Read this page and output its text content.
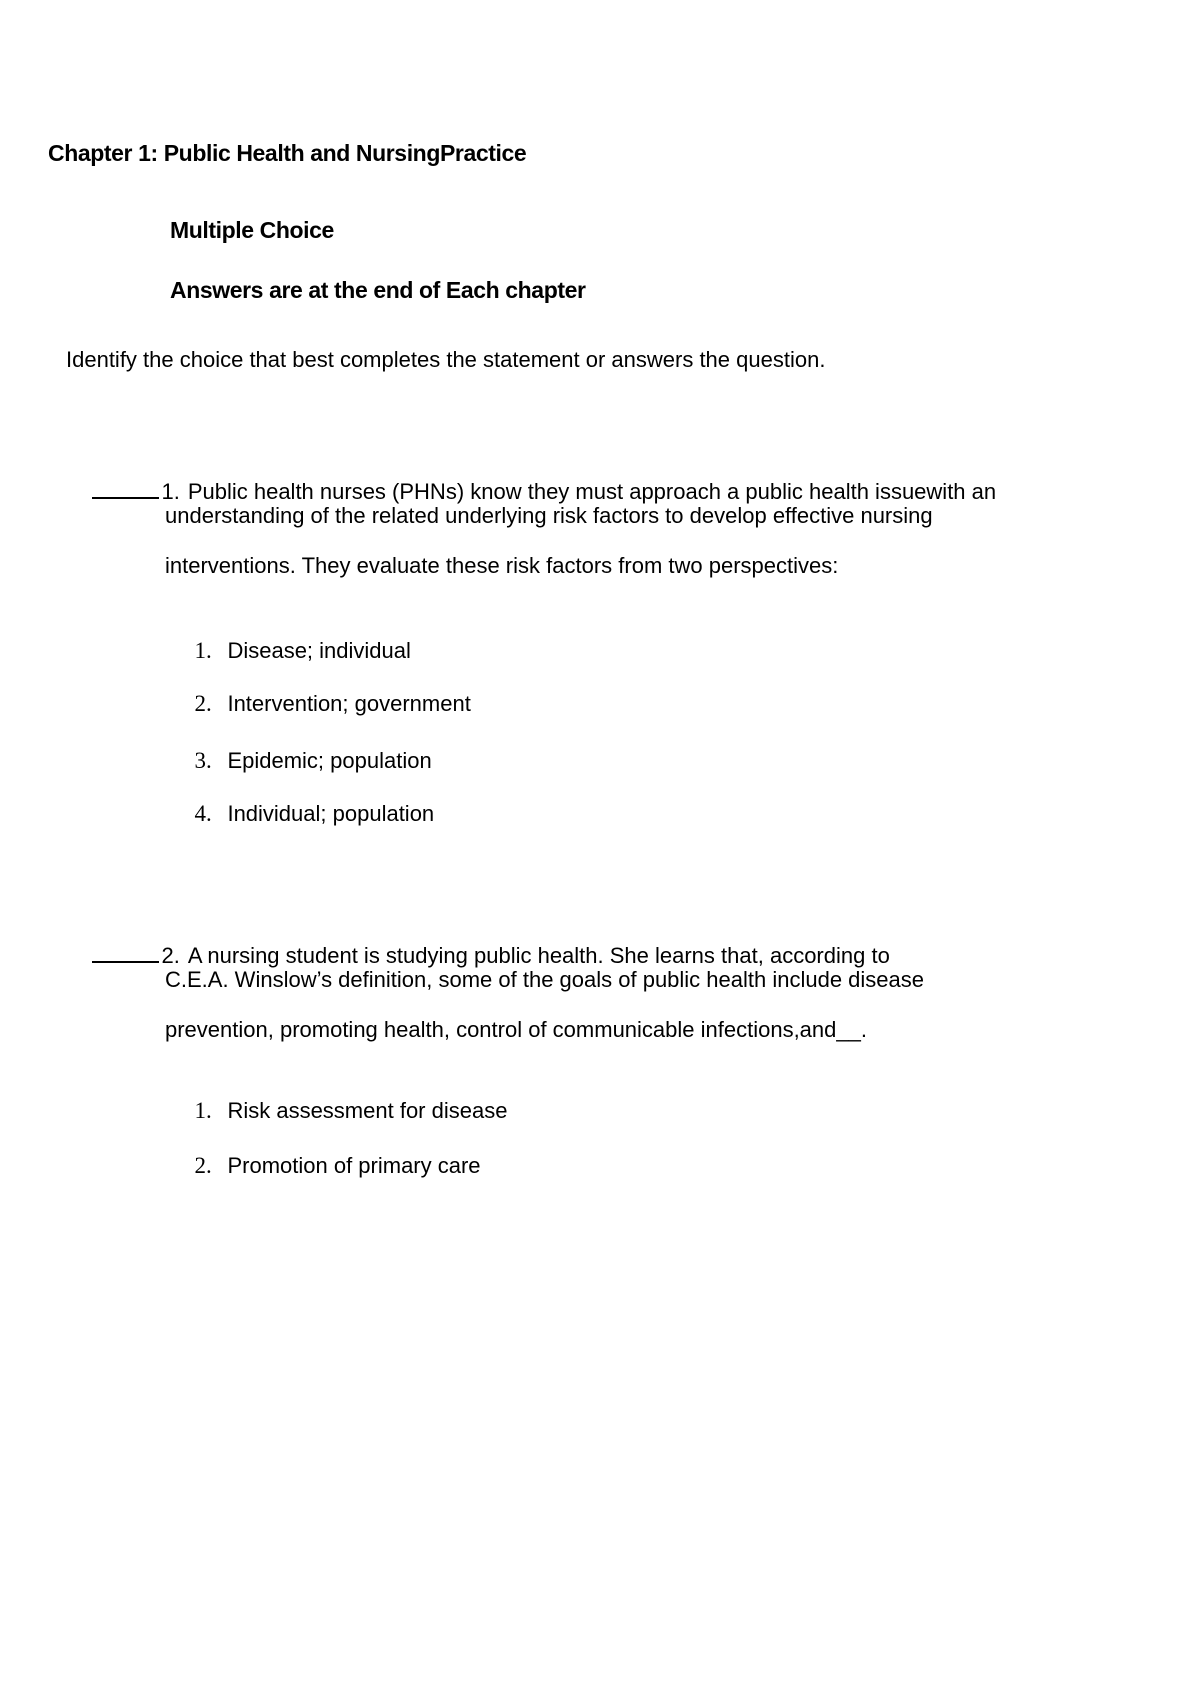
Chapter 1: Public Health and NursingPractice
Multiple Choice
Answers are at the end of Each chapter
Identify the choice that best completes the statement or answers the question.

1. Public health nurses (PHNs) know they must approach a public health issuewith an

understanding of the related underlying risk factors to develop effective nursing
interventions. They evaluate these risk factors from two perspectives:

1. Disease; individual

2. Intervention; government

3. Epidemic; population

4. Individual; population

2. A nursing student is studying public health. She learns that, according to

C.E.A. Winslow’s definition, some of the goals of public health include disease
prevention, promoting health, control of communicable infections,and__.

1. Risk assessment for disease

2. Promotion of primary care
